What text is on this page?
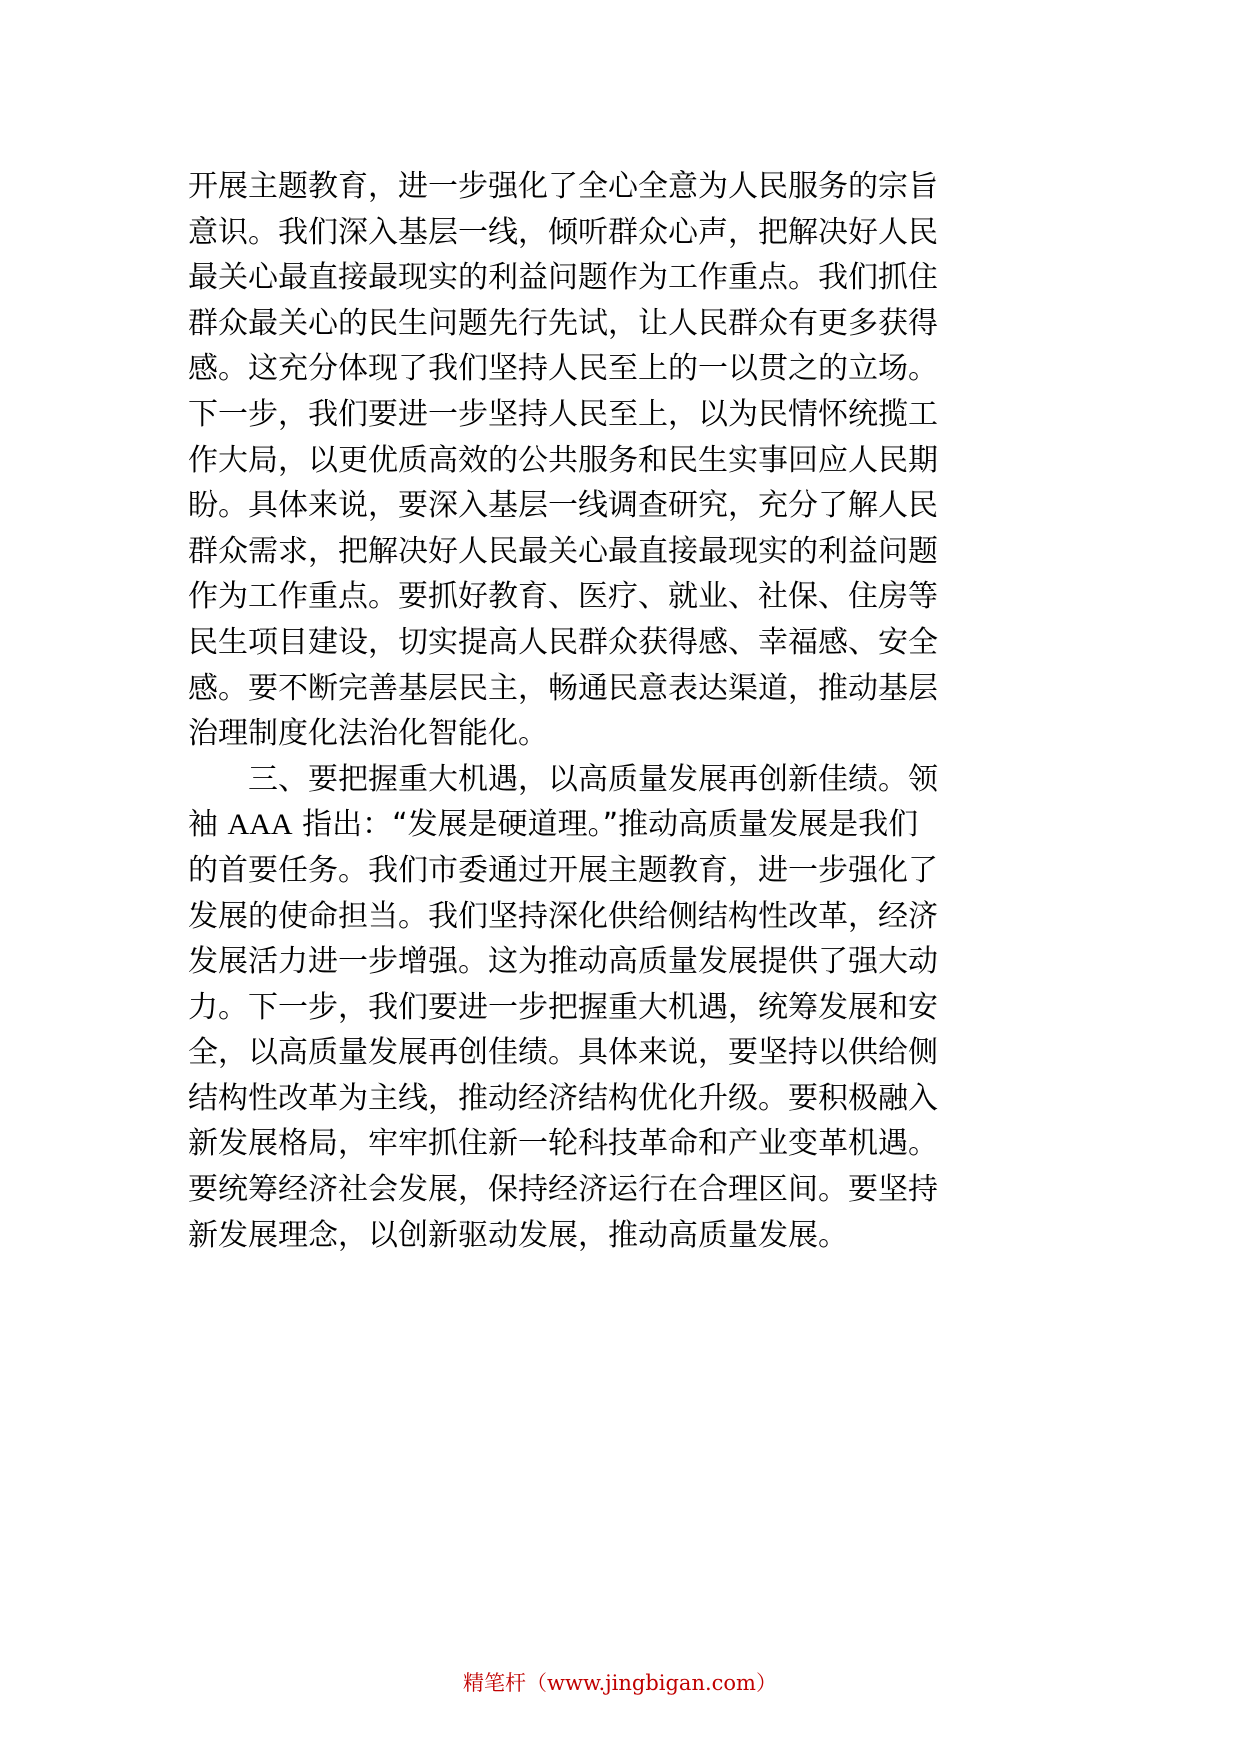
开展主题教育，进一步强化了全心全意为人民服务的宗旨
意识。我们深入基层一线，倾听群众心声，把解决好人民
最关心最直接最现实的利益问题作为工作重点。我们抓住
群众最关心的民生问题先行先试，让人民群众有更多获得
感。这充分体现了我们坚持人民至上的一以贯之的立场。
下一步，我们要进一步坚持人民至上，以为民情怀统揽工
作大局，以更优质高效的公共服务和民生实事回应人民期
盼。具体来说，要深入基层一线调查研究，充分了解人民
群众需求，把解决好人民最关心最直接最现实的利益问题
作为工作重点。要抓好教育、医疗、就业、社保、住房等
民生项目建设，切实提高人民群众获得感、幸福感、安全
感。要不断完善基层民主，畅通民意表达渠道，推动基层
治理制度化法治化智能化。
三、要把握重大机遇，以高质量发展再创新佳绩。领
袖 AAA 指出：“发展是硬道理。”推动高质量发展是我们
的首要任务。我们市委通过开展主题教育，进一步强化了
发展的使命担当。我们坚持深化供给侧结构性改革，经济
发展活力进一步增强。这为推动高质量发展提供了强大动
力。下一步，我们要进一步把握重大机遇，统筹发展和安
全，以高质量发展再创佳绩。具体来说，要坚持以供给侧
结构性改革为主线，推动经济结构优化升级。要积极融入
新发展格局，牢牢抓住新一轮科技革命和产业变革机遇。
要统筹经济社会发展，保持经济运行在合理区间。要坚持
新发展理念，以创新驱动发展，推动高质量发展。
精笔杆（www.jingbigan.com）
